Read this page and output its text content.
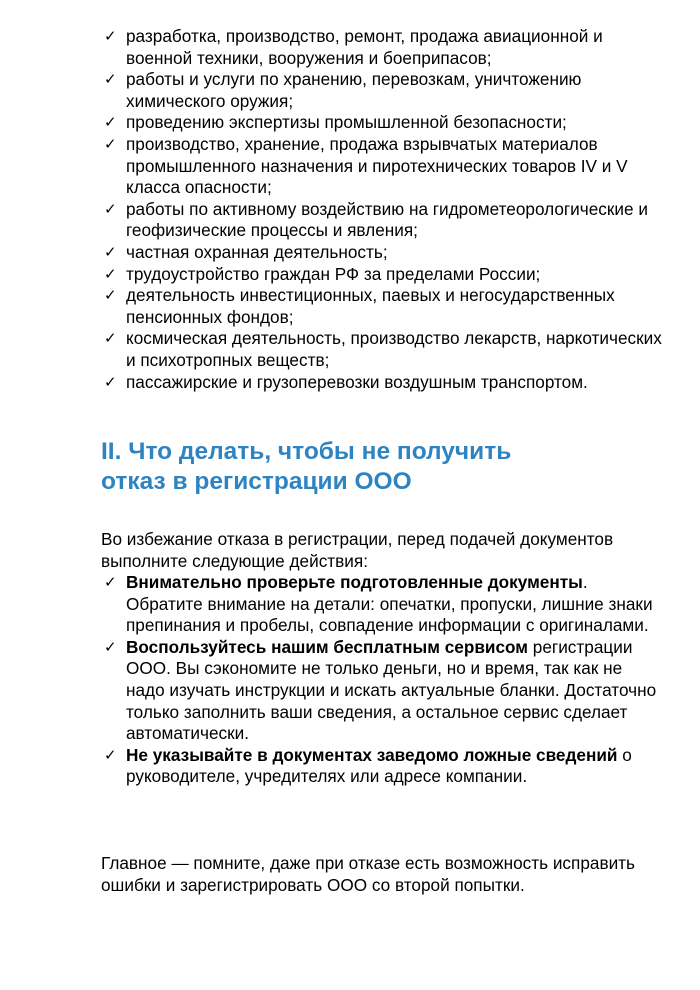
✓ разработка, производство, ремонт, продажа авиационной и военной техники, вооружения и боеприпасов;
✓ работы и услуги по хранению, перевозкам, уничтожению химического оружия;
✓ проведению экспертизы промышленной безопасности;
✓ производство, хранение, продажа взрывчатых материалов промышленного назначения и пиротехнических товаров IV и V класса опасности;
✓ работы по активному воздействию на гидрометеорологические и геофизические процессы и явления;
✓ частная охранная деятельность;
✓ трудоустройство граждан РФ за пределами России;
✓ деятельность инвестиционных, паевых и негосударственных пенсионных фондов;
✓ космическая деятельность, производство лекарств, наркотических и психотропных веществ;
✓ пассажирские и грузоперевозки воздушным транспортом.
II. Что делать, чтобы не получить
отказ в регистрации ООО

Во избежание отказа в регистрации, перед подачей документов выполните следующие действия:

✓ Внимательно проверьте подготовленные документы. Обратите внимание на детали: опечатки, пропуски, лишние знаки препинания и пробелы, совпадение информации с оригиналами.
✓ Воспользуйтесь нашим бесплатным сервисом регистрации ООО. Вы сэкономите не только деньги, но и время, так как не надо изучать инструкции и искать актуальные бланки. Достаточно только заполнить ваши сведения, а остальное сервис сделает автоматически.
✓ Не указывайте в документах заведомо ложные сведений о руководителе, учредителях или адресе компании.

Главное — помните, даже при отказе есть возможность исправить ошибки и зарегистрировать ООО со второй попытки.
